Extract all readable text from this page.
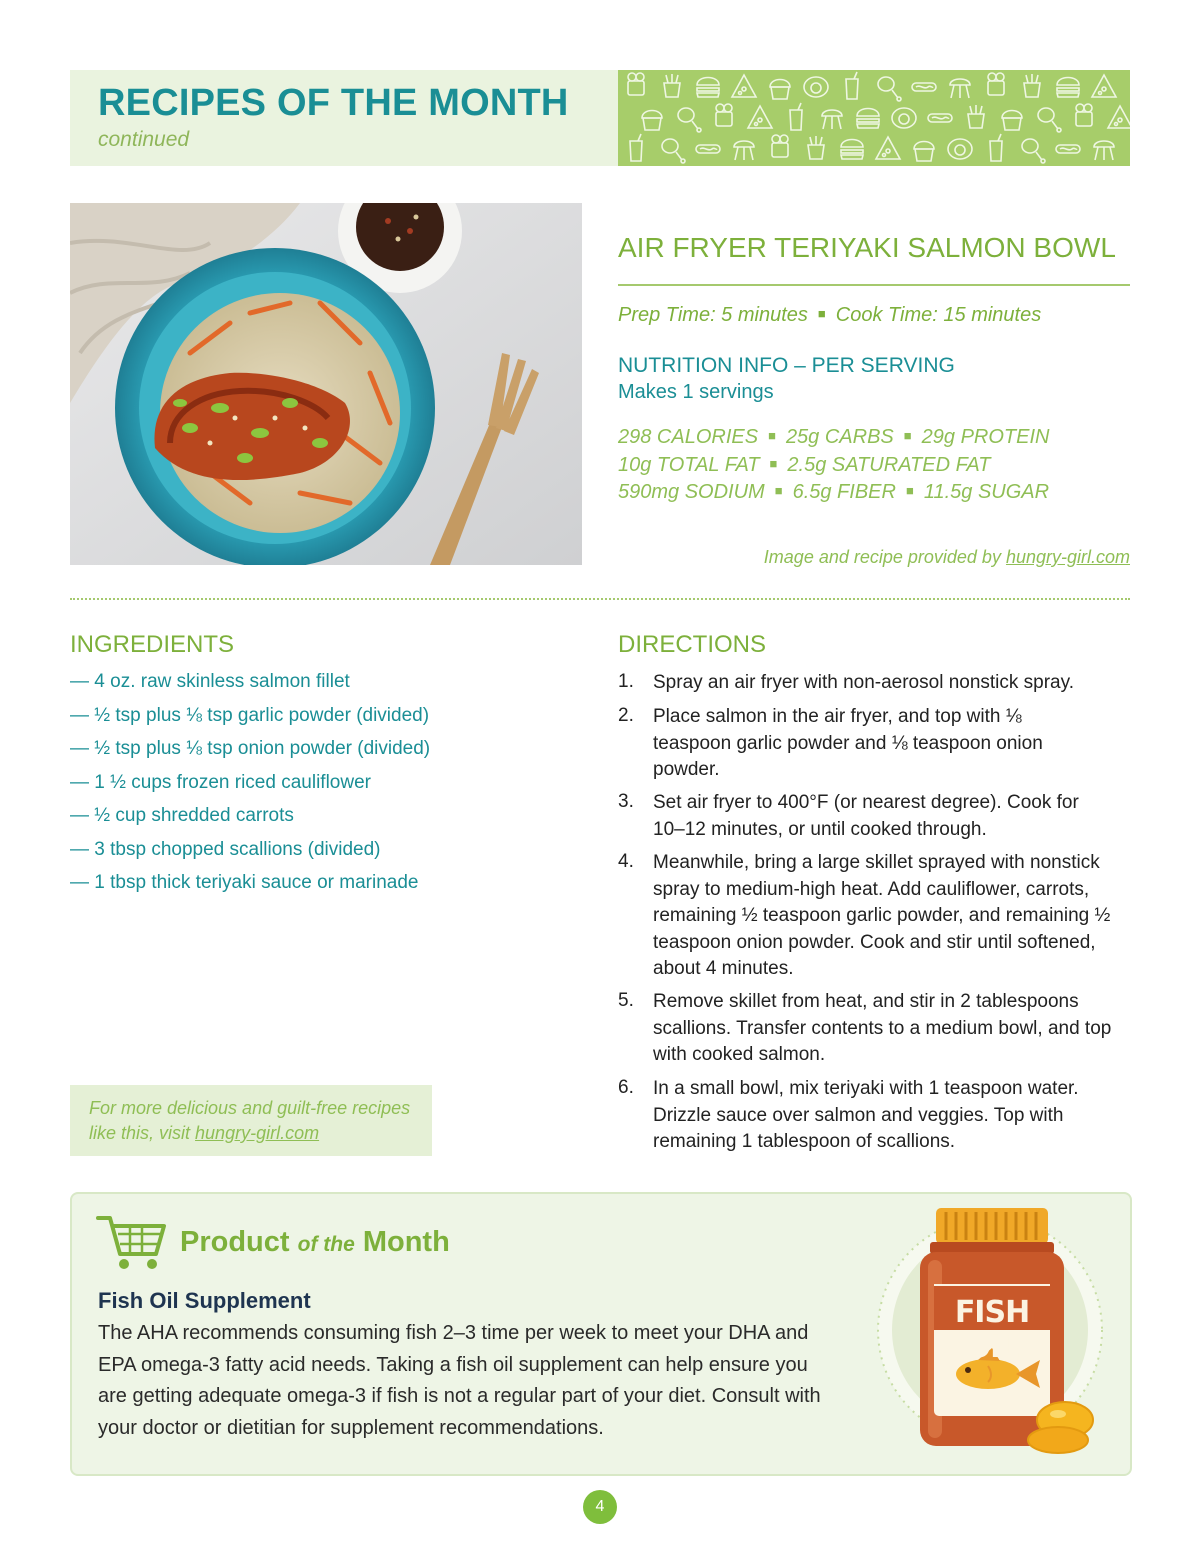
RECIPES OF THE MONTH
continued
AIR FRYER TERIYAKI SALMON BOWL
Prep Time: 5 minutes ■ Cook Time: 15 minutes
NUTRITION INFO – PER SERVING
Makes 1 servings
298 CALORIES ■ 25g CARBS ■ 29g PROTEIN
10g TOTAL FAT ■ 2.5g SATURATED FAT
590mg SODIUM ■ 6.5g FIBER ■ 11.5g SUGAR
Image and recipe provided by hungry-girl.com
INGREDIENTS
— 4 oz. raw skinless salmon fillet
— ½ tsp plus ⅛ tsp garlic powder (divided)
— ½ tsp plus ⅛ tsp onion powder (divided)
— 1 ½ cups frozen riced cauliflower
— ½ cup shredded carrots
— 3 tbsp chopped scallions (divided)
— 1 tbsp thick teriyaki sauce or marinade
For more delicious and guilt-free recipes like this, visit hungry-girl.com
DIRECTIONS
1. Spray an air fryer with non-aerosol nonstick spray.
2. Place salmon in the air fryer, and top with ⅛ teaspoon garlic powder and ⅛ teaspoon onion powder.
3. Set air fryer to 400°F (or nearest degree). Cook for 10–12 minutes, or until cooked through.
4. Meanwhile, bring a large skillet sprayed with nonstick spray to medium-high heat. Add cauliflower, carrots, remaining ½ teaspoon garlic powder, and remaining ½ teaspoon onion powder. Cook and stir until softened, about 4 minutes.
5. Remove skillet from heat, and stir in 2 tablespoons scallions. Transfer contents to a medium bowl, and top with cooked salmon.
6. In a small bowl, mix teriyaki with 1 teaspoon water. Drizzle sauce over salmon and veggies. Top with remaining 1 tablespoon of scallions.
Product of the Month
Fish Oil Supplement
The AHA recommends consuming fish 2–3 time per week to meet your DHA and EPA omega-3 fatty acid needs. Taking a fish oil supplement can help ensure you are getting adequate omega-3 if fish is not a regular part of your diet. Consult with your doctor or dietitian for supplement recommendations.
FISH OIL
4
